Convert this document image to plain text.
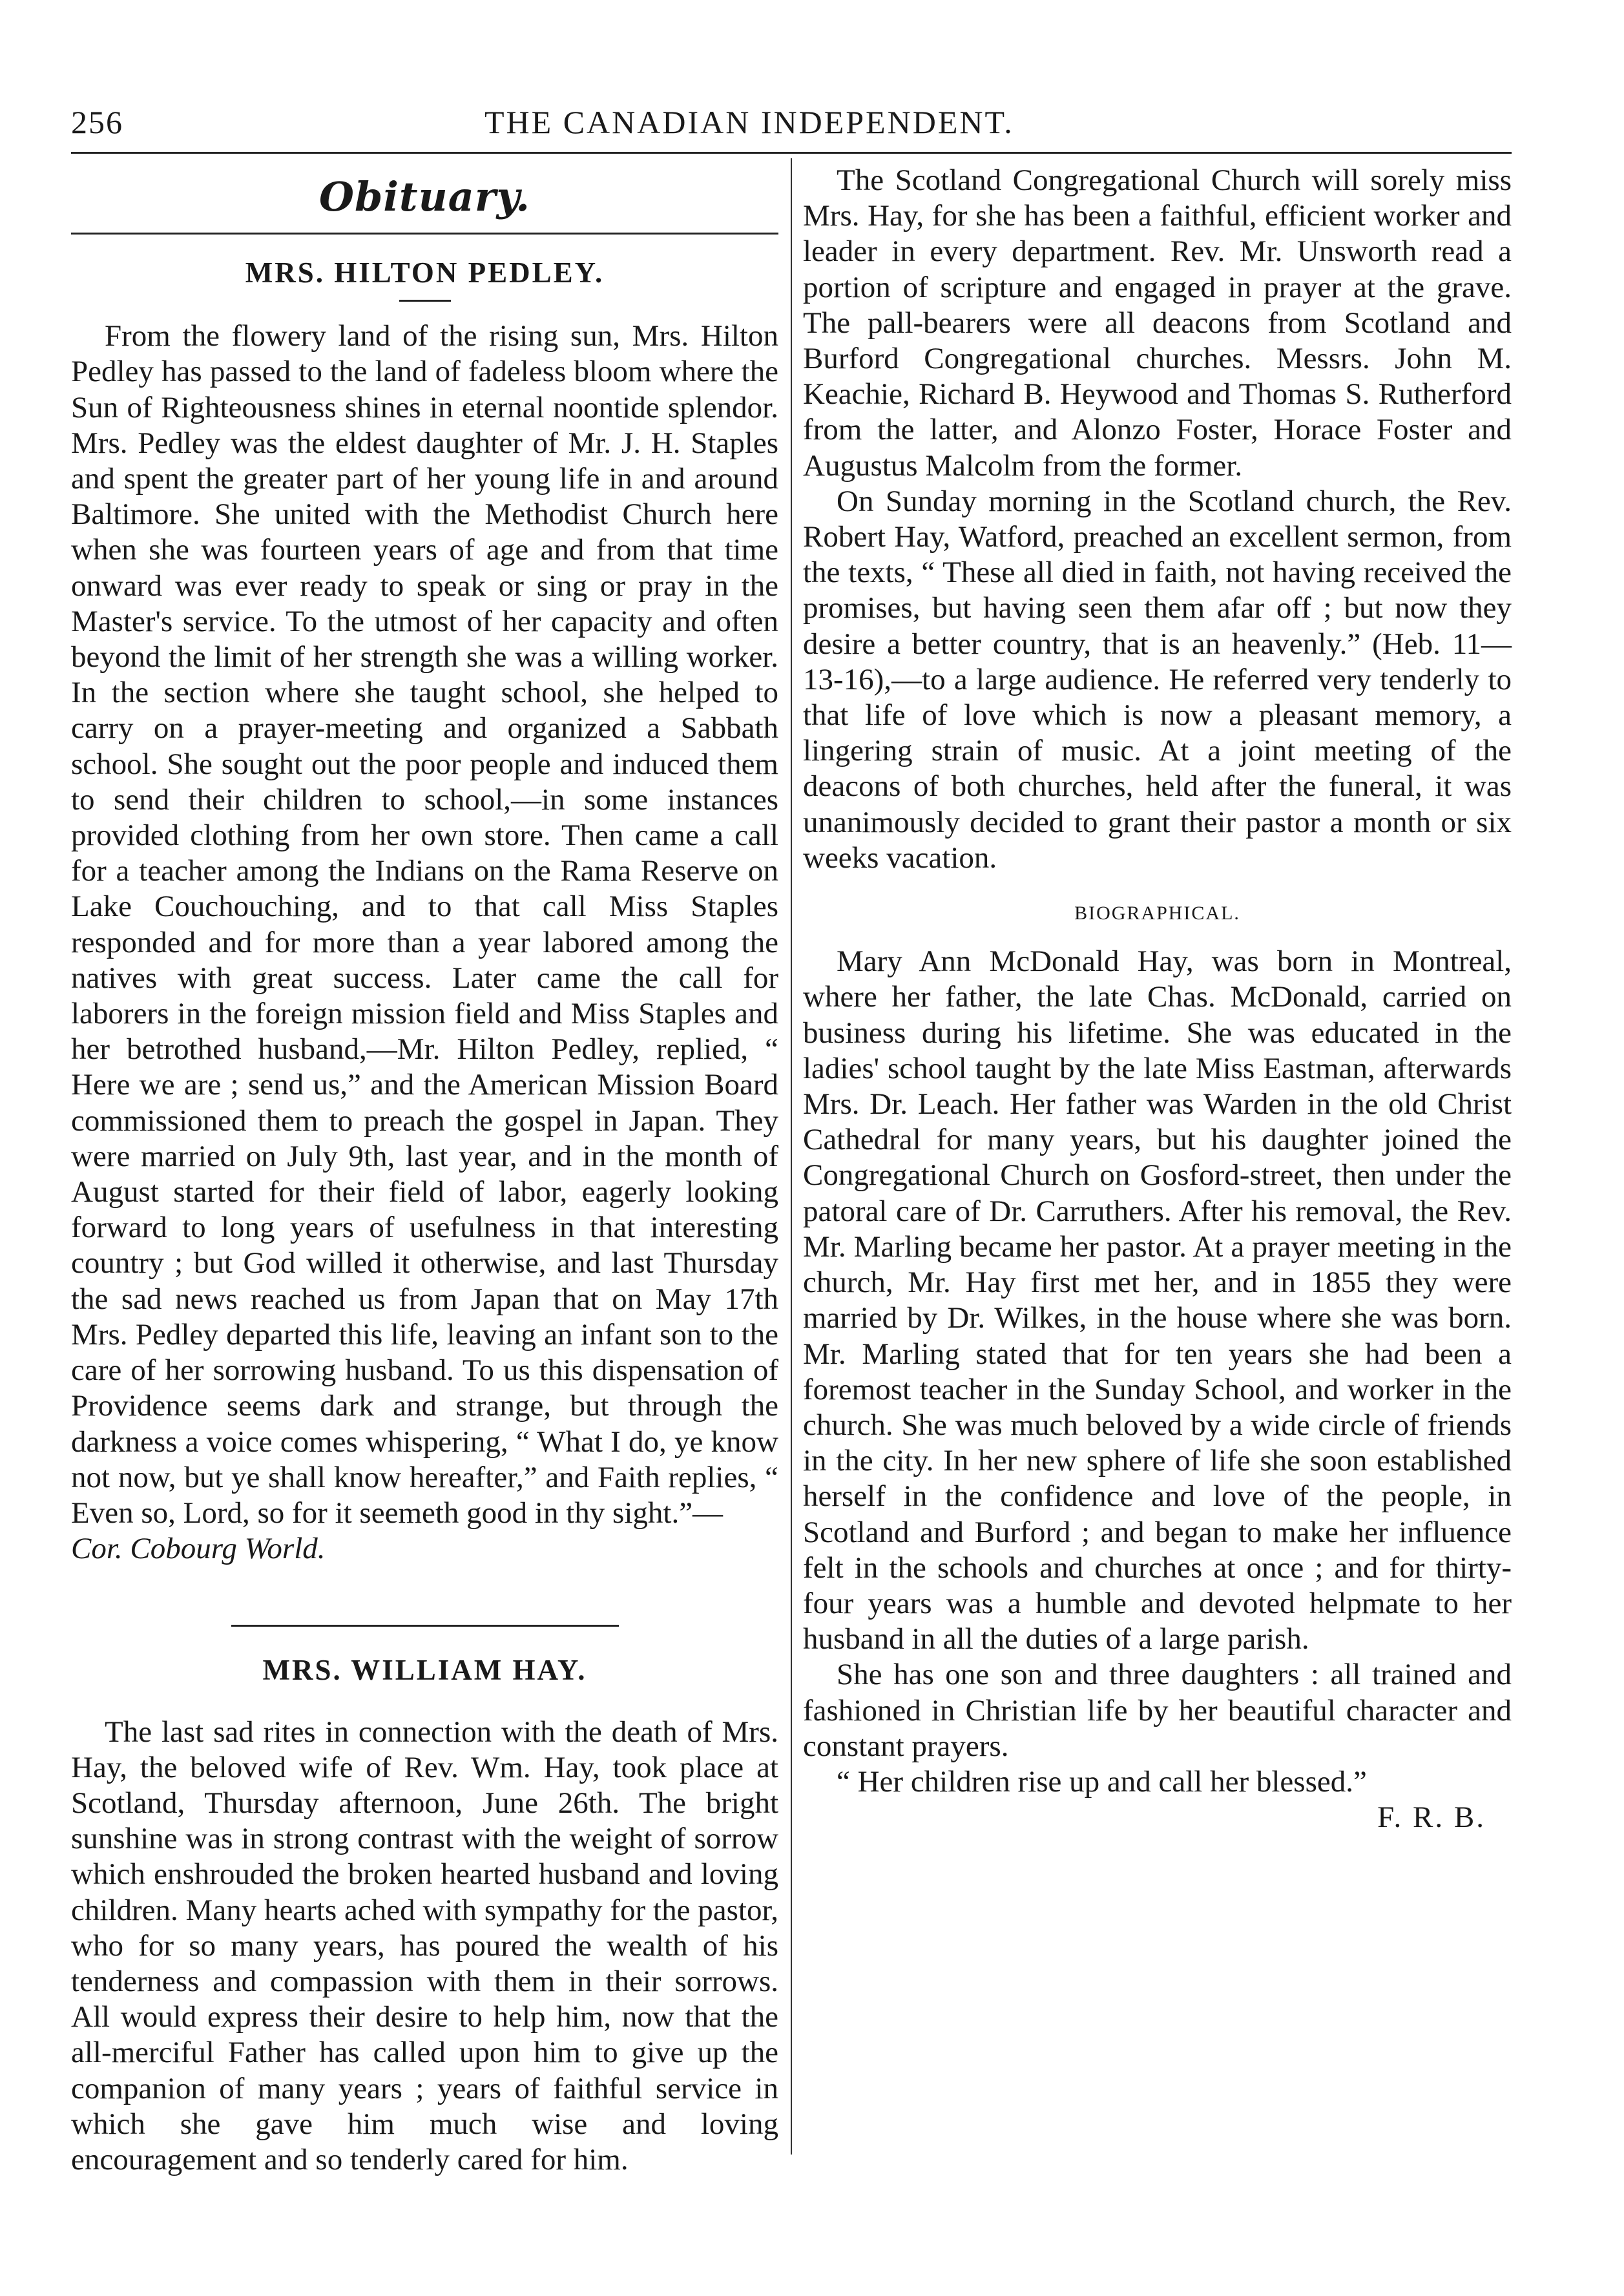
256	THE CANADIAN INDEPENDENT.
Obituary.
MRS. HILTON PEDLEY.

From the flowery land of the rising sun, Mrs. Hilton Pedley has passed to the land of fadeless bloom where the Sun of Righteousness shines in eternal noontide splendor. Mrs. Pedley was the eldest daughter of Mr. J. H. Staples and spent the greater part of her young life in and around Baltimore. She united with the Methodist Church here when she was fourteen years of age and from that time onward was ever ready to speak or sing or pray in the Master's service. To the utmost of her capacity and often beyond the limit of her strength she was a willing worker. In the section where she taught school, she helped to carry on a prayer-meeting and organized a Sabbath school. She sought out the poor people and induced them to send their children to school,—in some instances provided clothing from her own store. Then came a call for a teacher among the Indians on the Rama Reserve on Lake Couchouching, and to that call Miss Staples responded and for more than a year labored among the natives with great success. Later came the call for laborers in the foreign mission field and Miss Staples and her betrothed husband,—Mr. Hilton Pedley, replied, “ Here we are ; send us,” and the American Mission Board commissioned them to preach the gospel in Japan. They were married on July 9th, last year, and in the month of August started for their field of labor, eagerly looking forward to long years of usefulness in that interesting country ; but God willed it otherwise, and last Thursday the sad news reached us from Japan that on May 17th Mrs. Pedley departed this life, leaving an infant son to the care of her sorrowing husband. To us this dispensation of Providence seems dark and strange, but through the darkness a voice comes whispering, “ What I do, ye know not now, but ye shall know hereafter,” and Faith replies, “ Even so, Lord, so for it seemeth good in thy sight.”—

Cor. Cobourg World.

MRS. WILLIAM HAY.

The last sad rites in connection with the death of Mrs. Hay, the beloved wife of Rev. Wm. Hay, took place at Scotland, Thursday afternoon, June 26th. The bright sunshine was in strong contrast with the weight of sorrow which enshrouded the broken hearted husband and loving children. Many hearts ached with sympathy for the pastor, who for so many years, has poured the wealth of his tenderness and compassion with them in their sorrows. All would express their desire to help him, now that the all-merciful Father has called upon him to give up the companion of many years ; years of faithful service in which she gave him much wise and loving encouragement and so tenderly cared for him.

The Scotland Congregational Church will sorely miss Mrs. Hay, for she has been a faithful, efficient worker and leader in every department. Rev. Mr. Unsworth read a portion of scripture and engaged in prayer at the grave. The pall-bearers were all deacons from Scotland and Burford Congregational churches. Messrs. John M. Keachie, Richard B. Heywood and Thomas S. Rutherford from the latter, and Alonzo Foster, Horace Foster and Augustus Malcolm from the former.

On Sunday morning in the Scotland church, the Rev. Robert Hay, Watford, preached an excellent sermon, from the texts, “ These all died in faith, not having received the promises, but having seen them afar off ; but now they desire a better country, that is an heavenly.” (Heb. 11—13-16),—to a large audience. He referred very tenderly to that life of love which is now a pleasant memory, a lingering strain of music. At a joint meeting of the deacons of both churches, held after the funeral, it was unanimously decided to grant their pastor a month or six weeks vacation.

BIOGRAPHICAL.

Mary Ann McDonald Hay, was born in Montreal, where her father, the late Chas. McDonald, carried on business during his lifetime. She was educated in the ladies' school taught by the late Miss Eastman, afterwards Mrs. Dr. Leach. Her father was Warden in the old Christ Cathedral for many years, but his daughter joined the Congregational Church on Gosford-street, then under the patoral care of Dr. Carruthers. After his removal, the Rev. Mr. Marling became her pastor. At a prayer meeting in the church, Mr. Hay first met her, and in 1855 they were married by Dr. Wilkes, in the house where she was born. Mr. Marling stated that for ten years she had been a foremost teacher in the Sunday School, and worker in the church. She was much beloved by a wide circle of friends in the city. In her new sphere of life she soon established herself in the confidence and love of the people, in Scotland and Burford ; and began to make her influence felt in the schools and churches at once ; and for thirty-four years was a humble and devoted helpmate to her husband in all the duties of a large parish.

She has one son and three daughters : all trained and fashioned in Christian life by her beautiful character and constant prayers.

“ Her children rise up and call her blessed.”

F. R. B.
